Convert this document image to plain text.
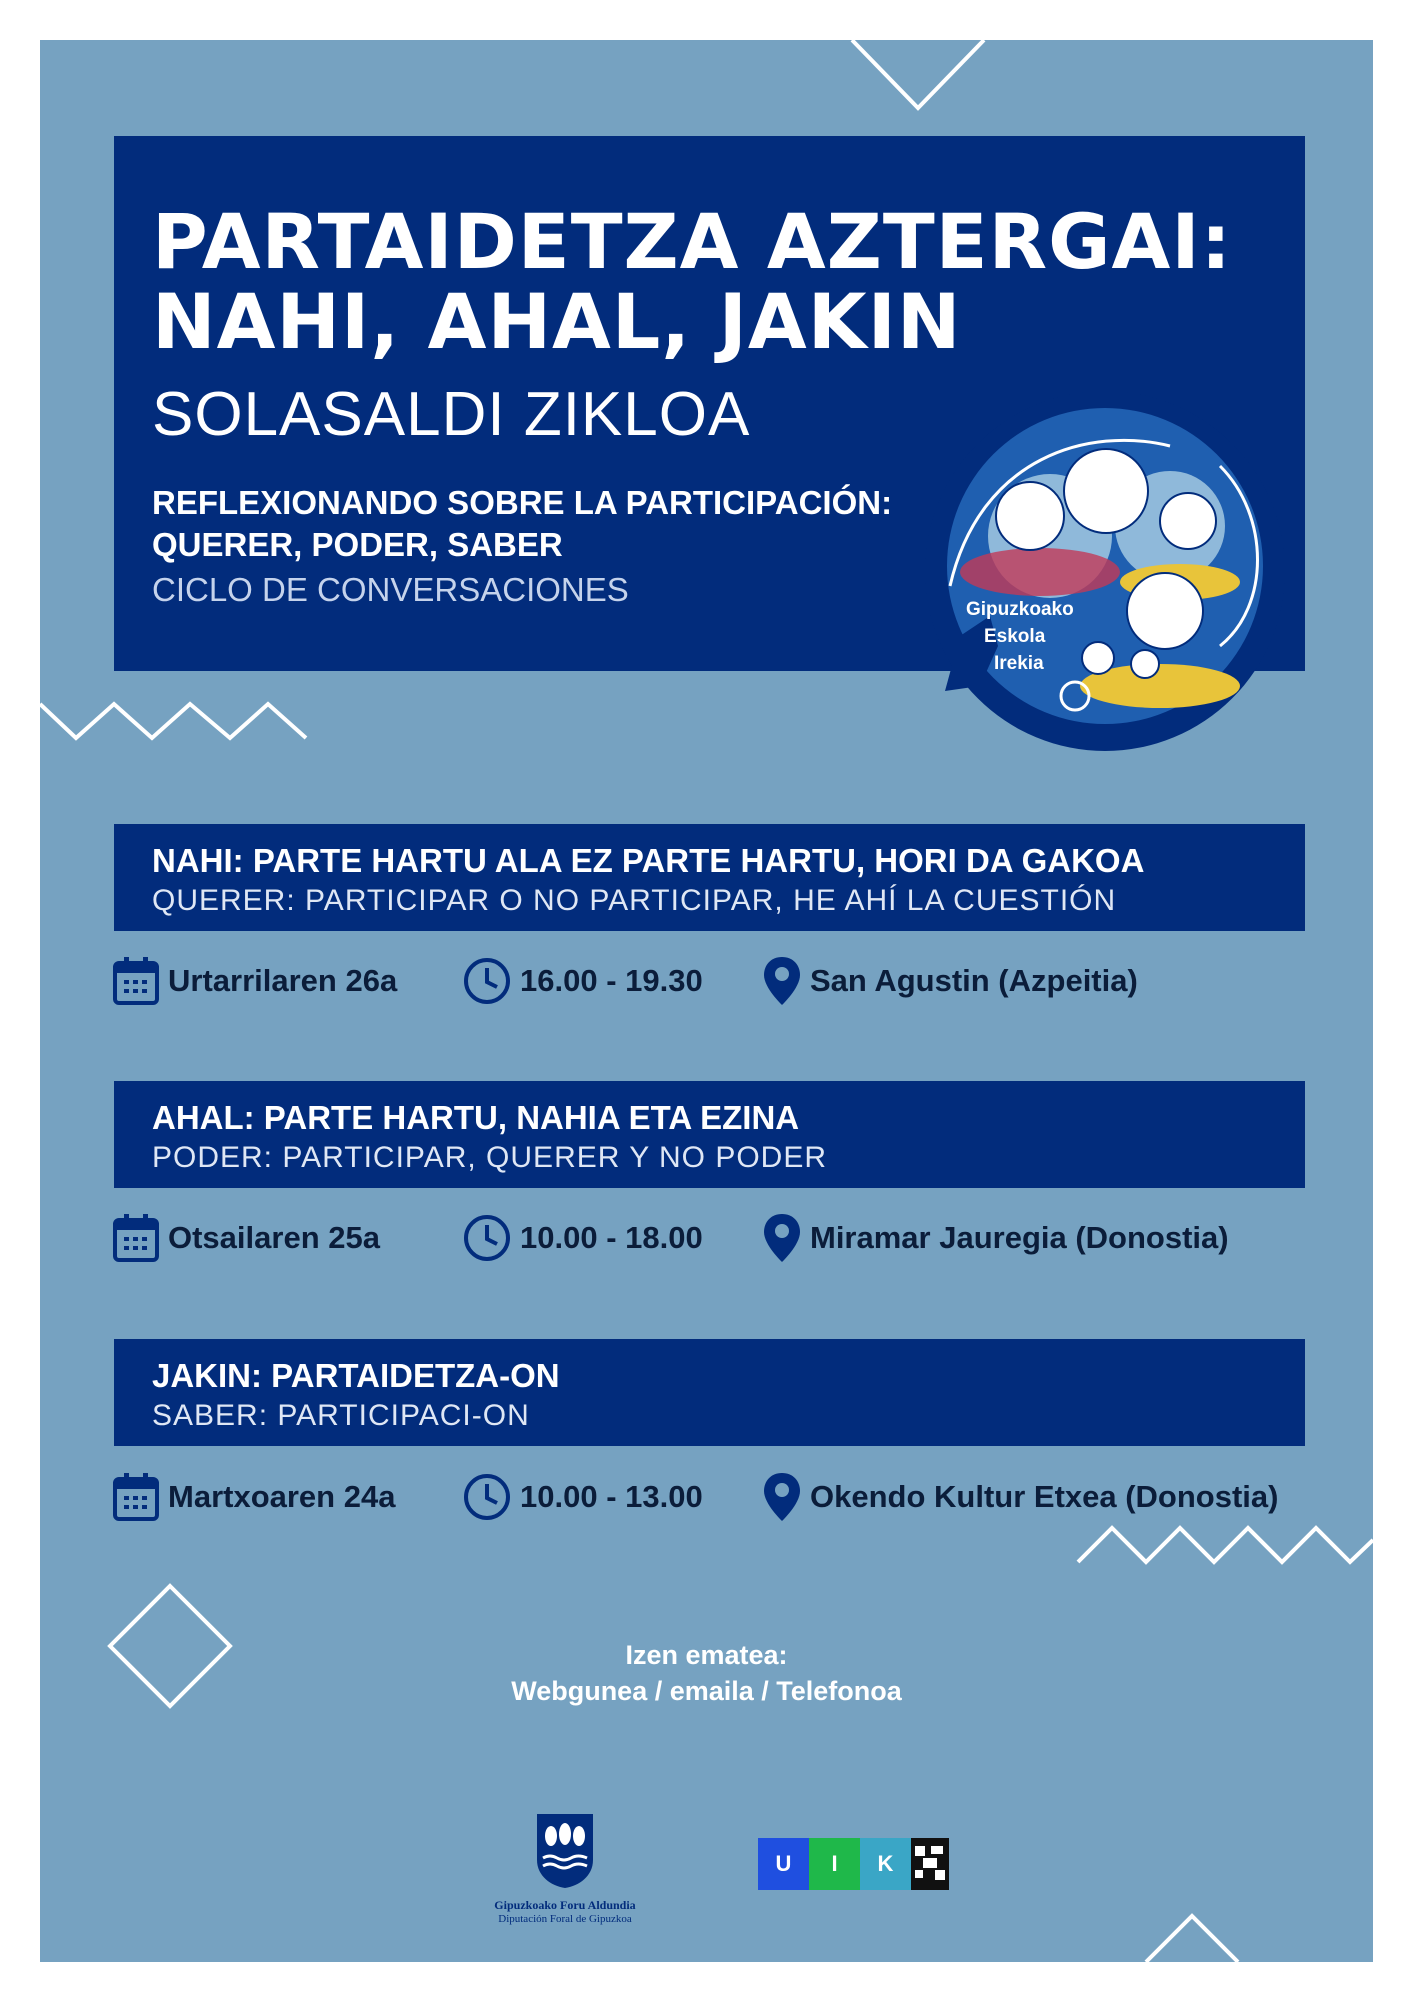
PARTAIDETZA AZTERGAI:
NAHI, AHAL, JAKIN
SOLASALDI ZIKLOA
REFLEXIONANDO SOBRE LA PARTICIPACIÓN:
QUERER, PODER, SABER
CICLO DE CONVERSACIONES
Gipuzkoako
Eskola
Irekia
NAHI: PARTE HARTU ALA EZ PARTE HARTU, HORI DA GAKOA
QUERER: PARTICIPAR O NO PARTICIPAR, HE AHÍ LA CUESTIÓN
Urtarrilaren 26a	16.00 - 19.30	San Agustin (Azpeitia)
AHAL: PARTE HARTU, NAHIA ETA EZINA
PODER: PARTICIPAR, QUERER Y NO PODER
Otsailaren 25a	10.00 - 18.00	Miramar Jauregia (Donostia)
JAKIN: PARTAIDETZA-ON
SABER: PARTICIPACI-ON
Martxoaren 24a	10.00 - 13.00	Okendo Kultur Etxea (Donostia)
Izen ematea:
Webgunea / emaila / Telefonoa
Gipuzkoako Foru Aldundia
Diputación Foral de Gipuzkoa
U	I	K
